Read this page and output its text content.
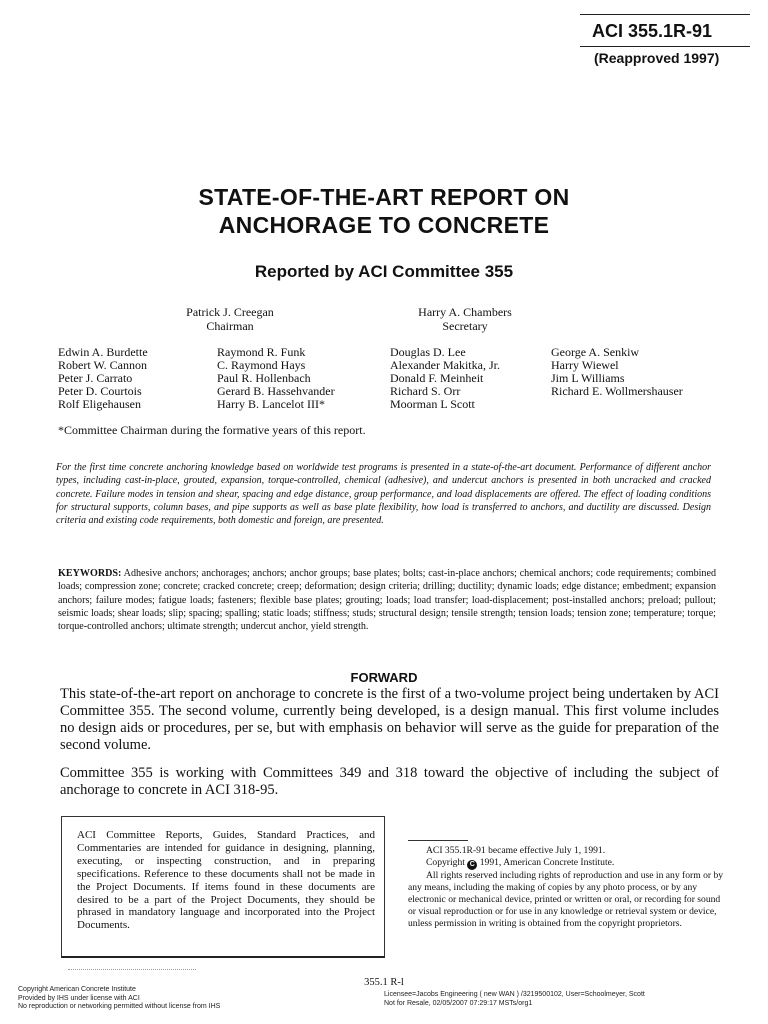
ACI 355.1R-91
(Reapproved 1997)
STATE-OF-THE-ART REPORT ON
ANCHORAGE TO CONCRETE
Reported by ACI Committee 355
Patrick J. Creegan
Chairman
Harry A. Chambers
Secretary
Edwin A. Burdette
Robert W. Cannon
Peter J. Carrato
Peter D. Courtois
Rolf Eligehausen
Raymond R. Funk
C. Raymond Hays
Paul R. Hollenbach
Gerard B. Hassehvander
Harry B. Lancelot III*
Douglas D. Lee
Alexander Makitka, Jr.
Donald F. Meinheit
Richard S. Orr
Moorman L Scott
George A. Senkiw
Harry Wiewel
Jim L Williams
Richard E. Wollmershauser
*Committee Chairman during the formative years of this report.
For the first time concrete anchoring knowledge based on worldwide test programs is presented in a state-of-the-art document. Performance of different anchor types, including cast-in-place, grouted, expansion, torque-controlled, chemical (adhesive), and undercut anchors is presented in both uncracked and cracked concrete. Failure modes in tension and shear, spacing and edge distance, group performance, and load displacements are offered. The effect of loading conditions for structural supports, column bases, and pipe supports as well as base plate flexibility, how load is transferred to anchors, and ductility are discussed. Design criteria and existing code requirements, both domestic and foreign, are presented.
KEYWORDS: Adhesive anchors; anchorages; anchors; anchor groups; base plates; bolts; cast-in-place anchors; chemical anchors; code requirements; combined loads; compression zone; concrete; cracked concrete; creep; deformation; design criteria; drilling; ductility; dynamic loads; edge distance; embedment; expansion anchors; failure modes; fatigue loads; fasteners; flexible base plates; grouting; loads; load transfer; load-displacement; post-installed anchors; preload; pullout; seismic loads; shear loads; slip; spacing; spalling; static loads; stiffness; studs; structural design; tensile strength; tension loads; tension zone; temperature; torque; torque-controlled anchors; ultimate strength; undercut anchor, yield strength.
FORWARD
This state-of-the-art report on anchorage to concrete is the first of a two-volume project being undertaken by ACI Committee 355. The second volume, currently being developed, is a design manual. This first volume includes no design aids or procedures, per se, but with emphasis on behavior will serve as the guide for preparation of the second volume.
Committee 355 is working with Committees 349 and 318 toward the objective of including the subject of anchorage to concrete in ACI 318-95.
ACI Committee Reports, Guides, Standard Practices, and Commentaries are intended for guidance in designing, planning, executing, or inspecting construction, and in preparing specifications. Reference to these documents shall not be made in the Project Documents. If items found in these documents are desired to be a part of the Project Documents, they should be phrased in mandatory language and incorporated into the Project Documents.
ACI 355.1R-91 became effective July 1, 1991.
Copyright C 1991, American Concrete Institute.
All rights reserved including rights of reproduction and use in any form or by any means, including the making of copies by any photo process, or by any electronic or mechanical device, printed or written or oral, or recording for sound or visual reproduction or for use in any knowledge or retrieval system or device, unless permission in writing is obtained from the copyright proprietors.
355.1 R-l
Copyright American Concrete Institute
Provided by IHS under license with ACI
No reproduction or networking permitted without license from IHS
Licensee=Jacobs Engineering ( new WAN ) /3219500102, User=Schoolmeyer, Scott
Not for Resale, 02/05/2007 07:29:17 MSTs/org1
